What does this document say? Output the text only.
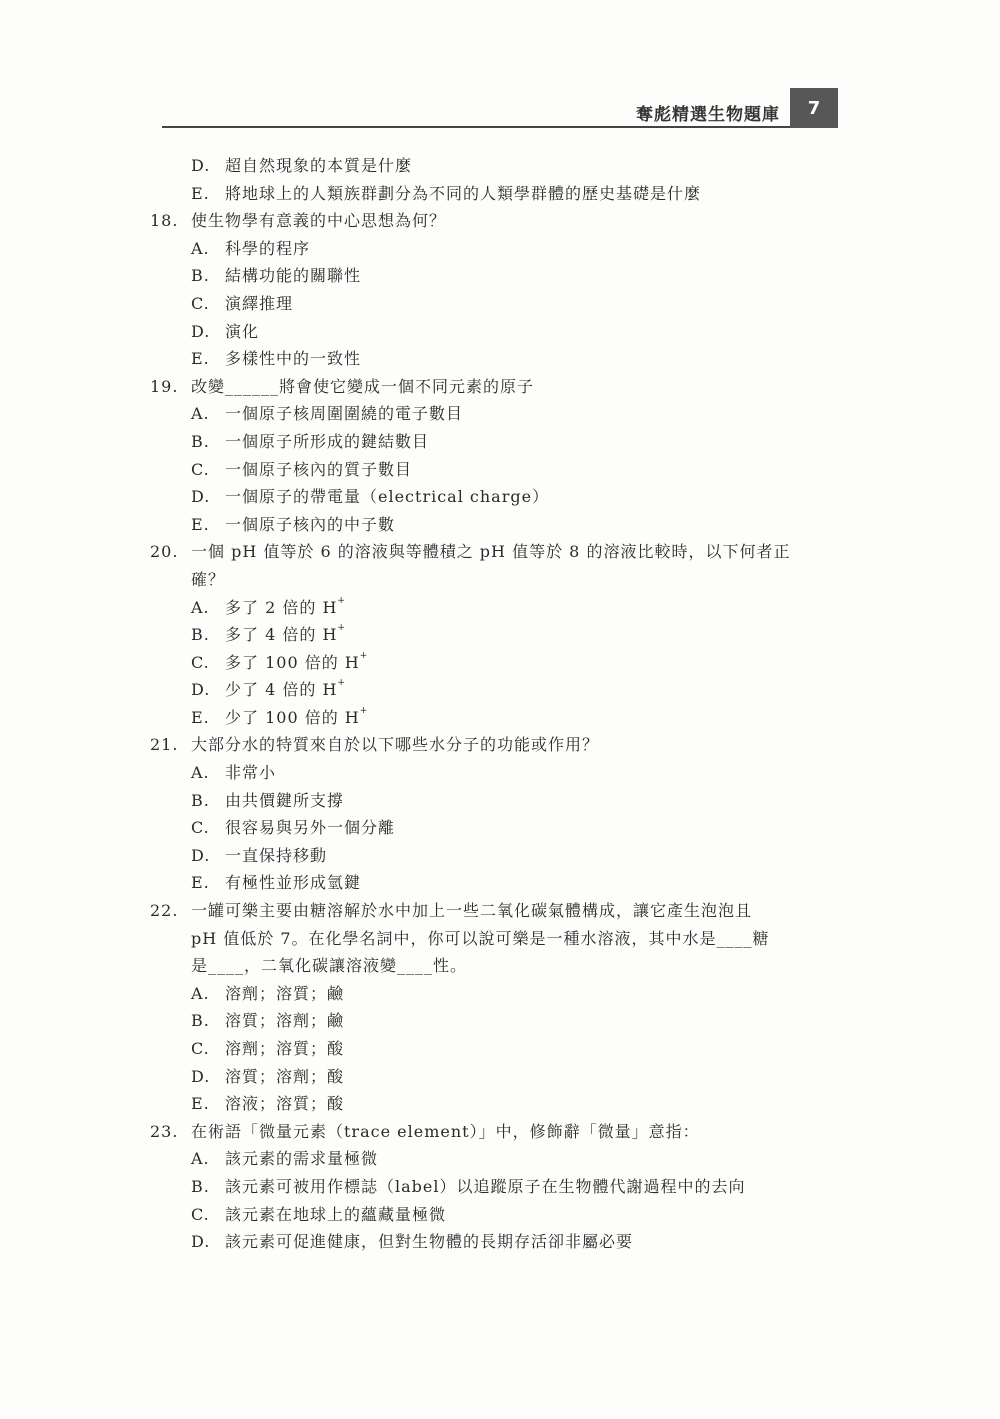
奪彪精選生物題庫	7
D. 超自然現象的本質是什麼
E. 將地球上的人類族群劃分為不同的人類學群體的歷史基礎是什麼
18. 使生物學有意義的中心思想為何？
A. 科學的程序
B. 結構功能的關聯性
C. 演繹推理
D. 演化
E. 多樣性中的一致性
19. 改變______將會使它變成一個不同元素的原子
A. 一個原子核周圍圍繞的電子數目
B. 一個原子所形成的鍵結數目
C. 一個原子核內的質子數目
D. 一個原子的帶電量（electrical charge）
E. 一個原子核內的中子數
20. 一個 pH 值等於 6 的溶液與等體積之 pH 值等於 8 的溶液比較時，以下何者正
確？
A. 多了 2 倍的 H+
B. 多了 4 倍的 H+
C. 多了 100 倍的 H+
D. 少了 4 倍的 H+
E. 少了 100 倍的 H+
21. 大部分水的特質來自於以下哪些水分子的功能或作用？
A. 非常小
B. 由共價鍵所支撐
C. 很容易與另外一個分離
D. 一直保持移動
E. 有極性並形成氫鍵
22. 一罐可樂主要由糖溶解於水中加上一些二氧化碳氣體構成，讓它產生泡泡且
pH 值低於 7。在化學名詞中，你可以說可樂是一種水溶液，其中水是____糖
是____，二氧化碳讓溶液變____性。
A. 溶劑；溶質；鹼
B. 溶質；溶劑；鹼
C. 溶劑；溶質；酸
D. 溶質；溶劑；酸
E. 溶液；溶質；酸
23. 在術語「微量元素（trace element）」中，修飾辭「微量」意指：
A. 該元素的需求量極微
B. 該元素可被用作標誌（label）以追蹤原子在生物體代謝過程中的去向
C. 該元素在地球上的蘊藏量極微
D. 該元素可促進健康，但對生物體的長期存活卻非屬必要
